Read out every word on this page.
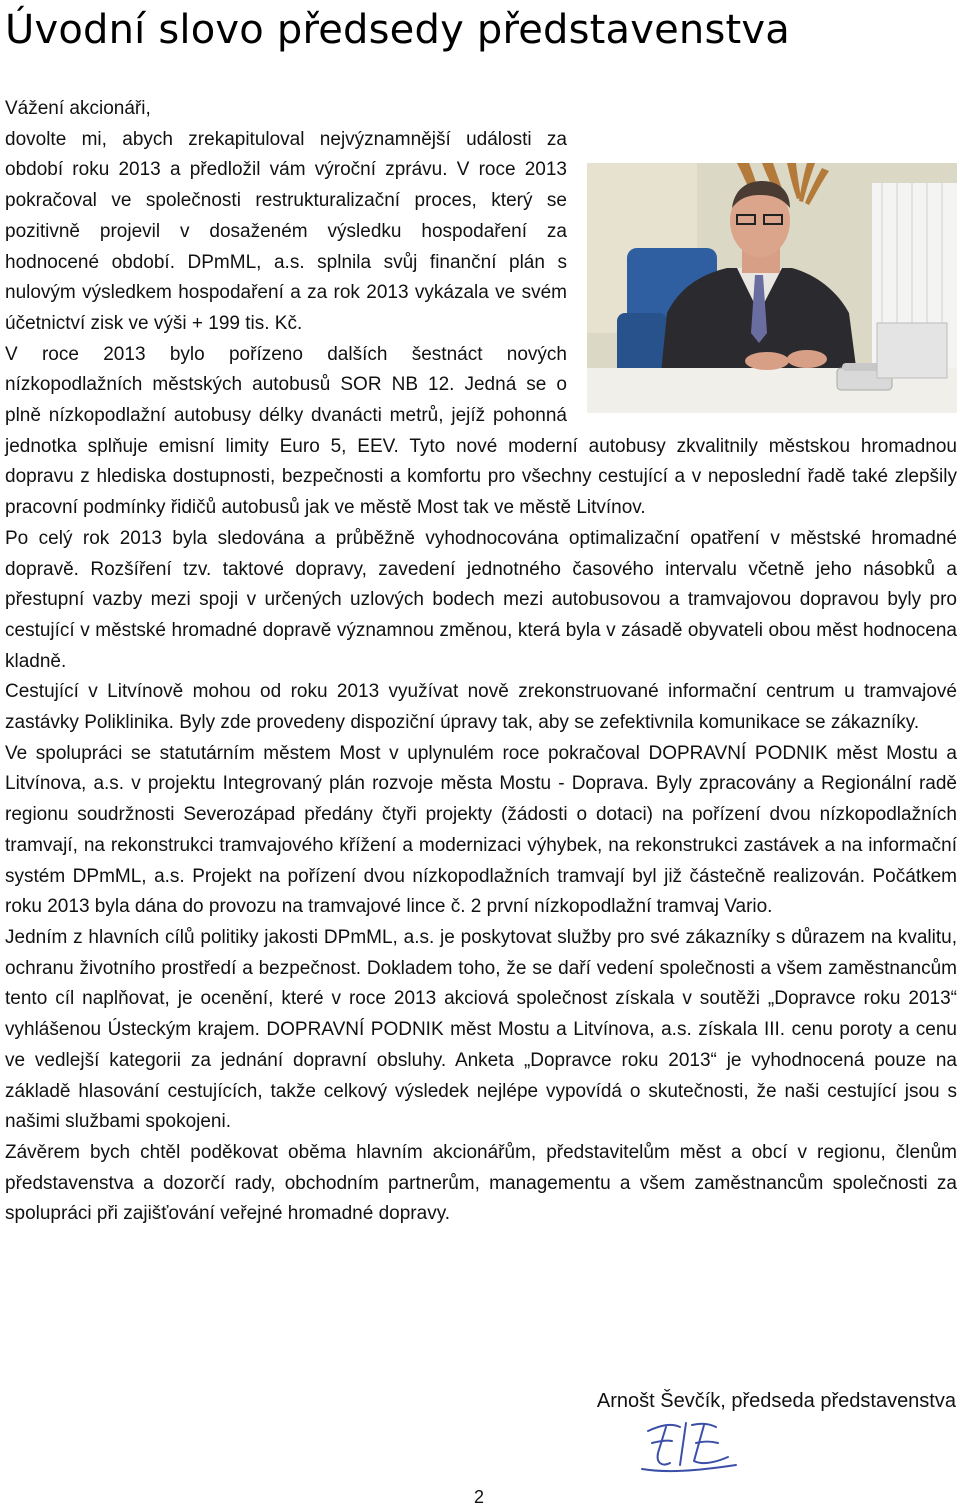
Úvodní slovo předsedy představenstva

Vážení akcionáři,

dovolte mi, abych zrekapituloval nejvýznamnější události za období roku 2013 a předložil vám výroční zprávu. V roce 2013 pokračoval ve společnosti restrukturalizační proces, který se pozitivně projevil v dosaženém výsledku hospodaření za hodnocené období. DPmML, a.s. splnila svůj finanční plán s nulovým výsledkem hospodaření a za rok 2013 vykázala ve svém účetnictví zisk ve výši + 199 tis. Kč.

V roce 2013 bylo pořízeno dalších šestnáct nových nízkopodlažních městských autobusů SOR NB 12. Jedná se o plně nízkopodlažní autobusy délky dvanácti metrů, jejíž pohonná jednotka splňuje emisní limity Euro 5, EEV. Tyto nové moderní autobusy zkvalitnily městskou hromadnou dopravu z hlediska dostupnosti, bezpečnosti a komfortu pro všechny cestující a v neposlední řadě také zlepšily pracovní podmínky řidičů autobusů jak ve městě Most tak ve městě Litvínov.

Po celý rok 2013 byla sledována a průběžně vyhodnocována optimalizační opatření v městské hromadné dopravě. Rozšíření tzv. taktové dopravy, zavedení jednotného časového intervalu včetně jeho násobků a přestupní vazby mezi spoji v určených uzlových bodech mezi autobusovou a tramvajovou dopravou byly pro cestující v městské hromadné dopravě významnou změnou, která byla v zásadě obyvateli obou měst hodnocena kladně.

Cestující v Litvínově mohou od roku 2013 využívat nově zrekonstruované informační centrum u tramvajové zastávky Poliklinika. Byly zde provedeny dispoziční úpravy tak, aby se zefektivnila komunikace se zákazníky.

Ve spolupráci se statutárním městem Most v uplynulém roce pokračoval DOPRAVNÍ PODNIK měst Mostu a Litvínova, a.s. v projektu Integrovaný plán rozvoje města Mostu - Doprava. Byly zpracovány a Regionální radě regionu soudržnosti Severozápad předány čtyři projekty (žádosti o dotaci) na pořízení dvou nízkopodlažních tramvají, na rekonstrukci tramvajového křížení a modernizaci výhybek, na rekonstrukci zastávek a na informační systém DPmML, a.s. Projekt na pořízení dvou nízkopodlažních tramvají byl již částečně realizován. Počátkem roku 2013 byla dána do provozu na tramvajové lince č. 2 první nízkopodlažní tramvaj Vario.

Jedním z hlavních cílů politiky jakosti DPmML, a.s. je poskytovat služby pro své zákazníky s důrazem na kvalitu, ochranu životního prostředí a bezpečnost. Dokladem toho, že se daří vedení společnosti a všem zaměstnancům tento cíl naplňovat, je ocenění, které v roce 2013 akciová společnost získala v soutěži „Dopravce roku 2013“ vyhlášenou Ústeckým krajem. DOPRAVNÍ PODNIK měst Mostu a Litvínova, a.s. získala III. cenu poroty a cenu ve vedlejší kategorii za jednání dopravní obsluhy. Anketa „Dopravce roku 2013“ je vyhodnocená pouze na základě hlasování cestujících, takže celkový výsledek nejlépe vypovídá o skutečnosti, že naši cestující jsou s našimi službami spokojeni.

Závěrem bych chtěl poděkovat oběma hlavním akcionářům, představitelům měst a obcí v regionu, členům představenstva a dozorčí rady, obchodním partnerům, managementu a všem zaměstnancům společnosti za spolupráci při zajišťování veřejné hromadné dopravy.

Arnošt Ševčík, předseda představenstva
2
